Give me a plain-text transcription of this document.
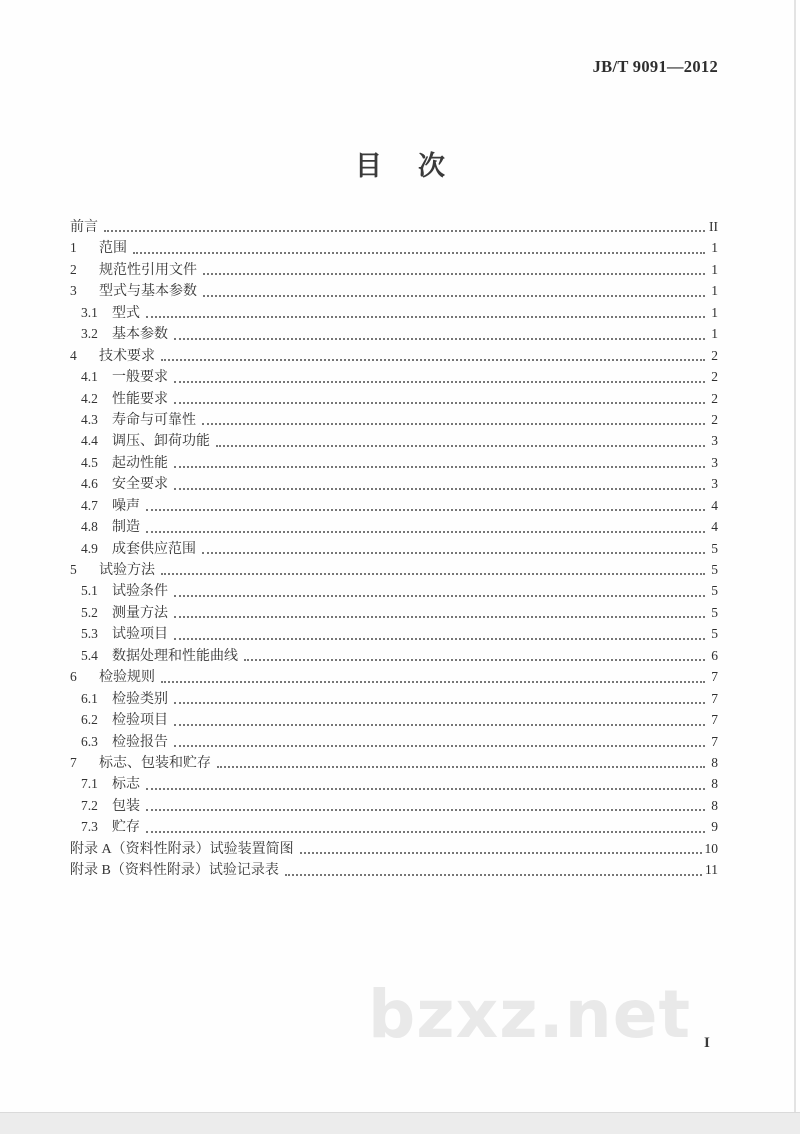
JB/T 9091—2012
目 次
前言	II
1	范围	1
2	规范性引用文件	1
3	型式与基本参数	1
3.1	型式	1
3.2	基本参数	1
4	技术要求	2
4.1	一般要求	2
4.2	性能要求	2
4.3	寿命与可靠性	2
4.4	调压、卸荷功能	3
4.5	起动性能	3
4.6	安全要求	3
4.7	噪声	4
4.8	制造	4
4.9	成套供应范围	5
5	试验方法	5
5.1	试验条件	5
5.2	测量方法	5
5.3	试验项目	5
5.4	数据处理和性能曲线	6
6	检验规则	7
6.1	检验类别	7
6.2	检验项目	7
6.3	检验报告	7
7	标志、包装和贮存	8
7.1	标志	8
7.2	包装	8
7.3	贮存	9
附录 A（资料性附录）试验装置简图	10
附录 B（资料性附录）试验记录表	11
bzxz.net I
